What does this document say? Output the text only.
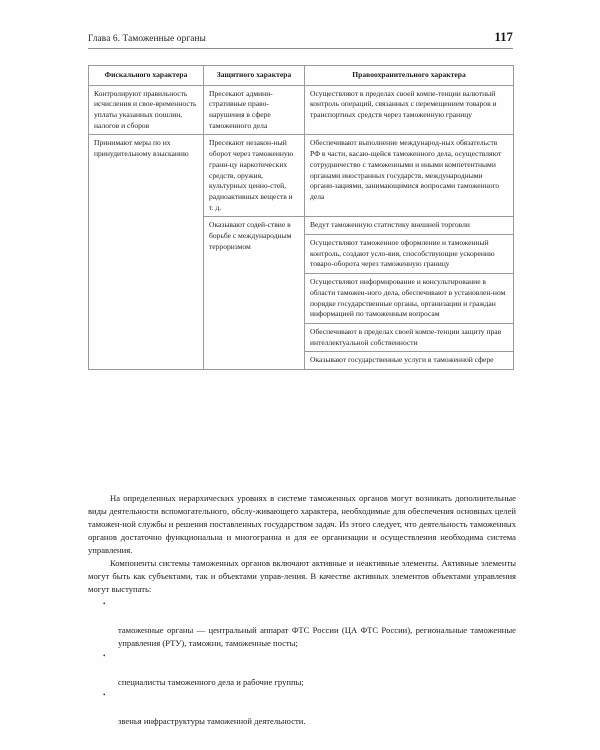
Глава 6. Таможенные органы	117
Фискального характера	Защитного характера	Правоохранительного характера

Контролируют правильность исчисления и свое-временность уплаты указанных пошлин, налогов и сборов	Пресекают админи-стративные право-нарушения в сфере таможенного дела	Осуществляют в пределах своей компе-тенции валютный контроль операций, связанных с перемещением товаров и транспортных средств через таможенную границу

Принимают меры по их принудительному взысканию	Пресекают незакон-ный оборот через таможенную грани-цу наркотических средств, оружия, культурных ценно-стей, радиоактивных веществ и т. д.	Обеспечивают выполнение международ-ных обязательств РФ в части, касаю-щейся таможенного дела, осуществляют сотрудничество с таможенными и иными компетентными органами иностранных государств, международными органи-зациями, занимающимися вопросами таможенного дела

	Оказывают содей-ствие в борьбе с международным терроризмом	Ведут таможенную статистику внешней торговли

		Осуществляют таможенное оформление и таможенный контроль, создают усло-вия, способствующие ускорению товаро-оборота через таможенную границу

		Осуществляют информирование и консультирование в области таможен-ного дела, обеспечивают в установлен-ном порядке государственные органы, организации и граждан информацией по таможенным вопросам

		Обеспечивают в пределах своей компе-тенции защиту прав интеллектуальной собственности

		Оказывают государственные услуги в таможенной сфере

На определенных иерархических уровнях в системе таможенных органов могут возникать дополнительные виды деятельности вспомогательного, обслу-живающего характера, необходимые для обеспечения основных целей таможен-ной службы и решения поставленных государством задач. Из этого следует, что деятельность таможенных органов достаточно функциональна и многогранна и для ее организации и осуществления необходима система управления.

Компоненты системы таможенных органов включают активные и неактивные элементы. Активные элементы могут быть как субъектами, так и объектами управ-ления. В качестве активных элементов объектами управления могут выступать:

•

таможенные органы — центральный аппарат ФТС России (ЦА ФТС России), региональные таможенные управления (РТУ), таможни, таможенные посты;

•

специалисты таможенного дела и рабочие группы;

•

звенья инфраструктуры таможенной деятельности.
